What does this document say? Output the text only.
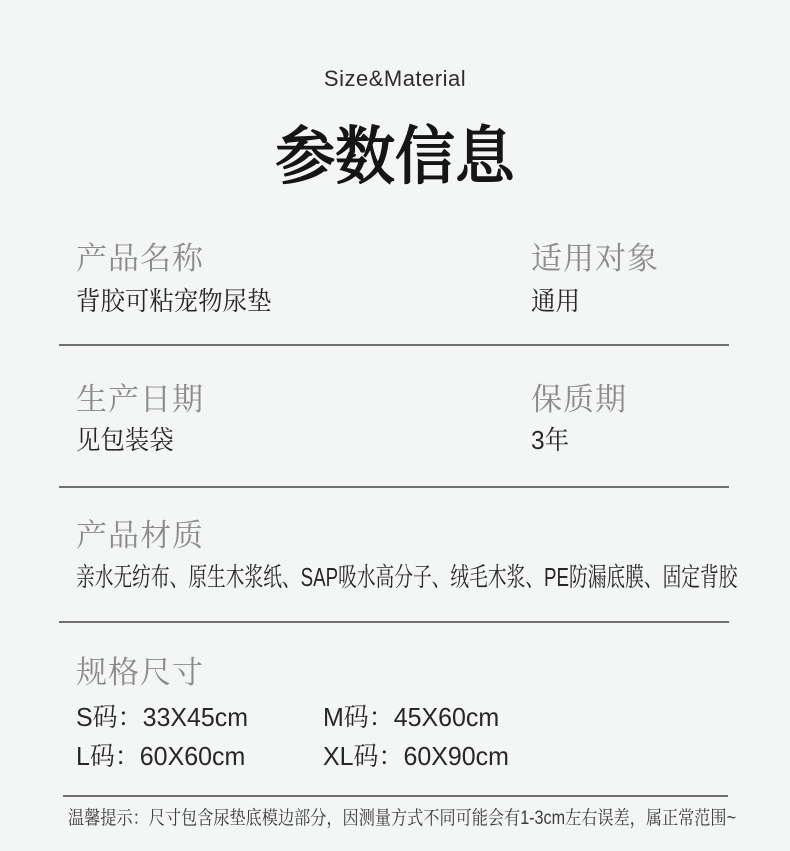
Size&Material
参数信息
产品名称	适用对象
背胶可粘宠物尿垫	通用
生产日期	保质期
见包装袋	3年
产品材质
亲水无纺布、原生木浆纸、SAP吸水高分子、绒毛木浆、PE防漏底膜、固定背胶
规格尺寸
S码：33X45cm	M码：45X60cm
L码：60X60cm	XL码：60X90cm
温馨提示：尺寸包含尿垫底模边部分，因测量方式不同可能会有1-3cm左右误差，属正常范围~
